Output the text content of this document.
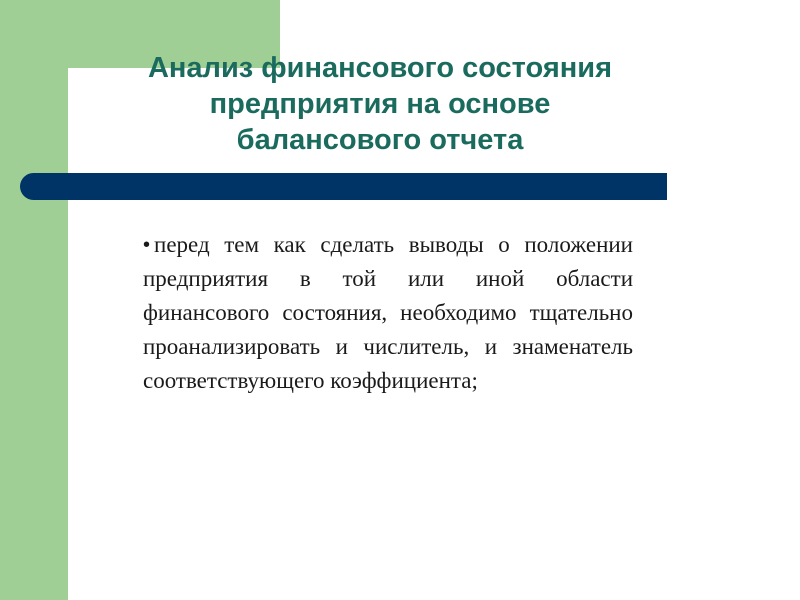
Анализ финансового состояния
предприятия на основе
балансового отчета
• перед тем как сделать выводы о положении предприятия в той или иной области финансового состояния, необходимо тщательно проанализировать и числитель, и знаменатель соответствующего коэффициента;
